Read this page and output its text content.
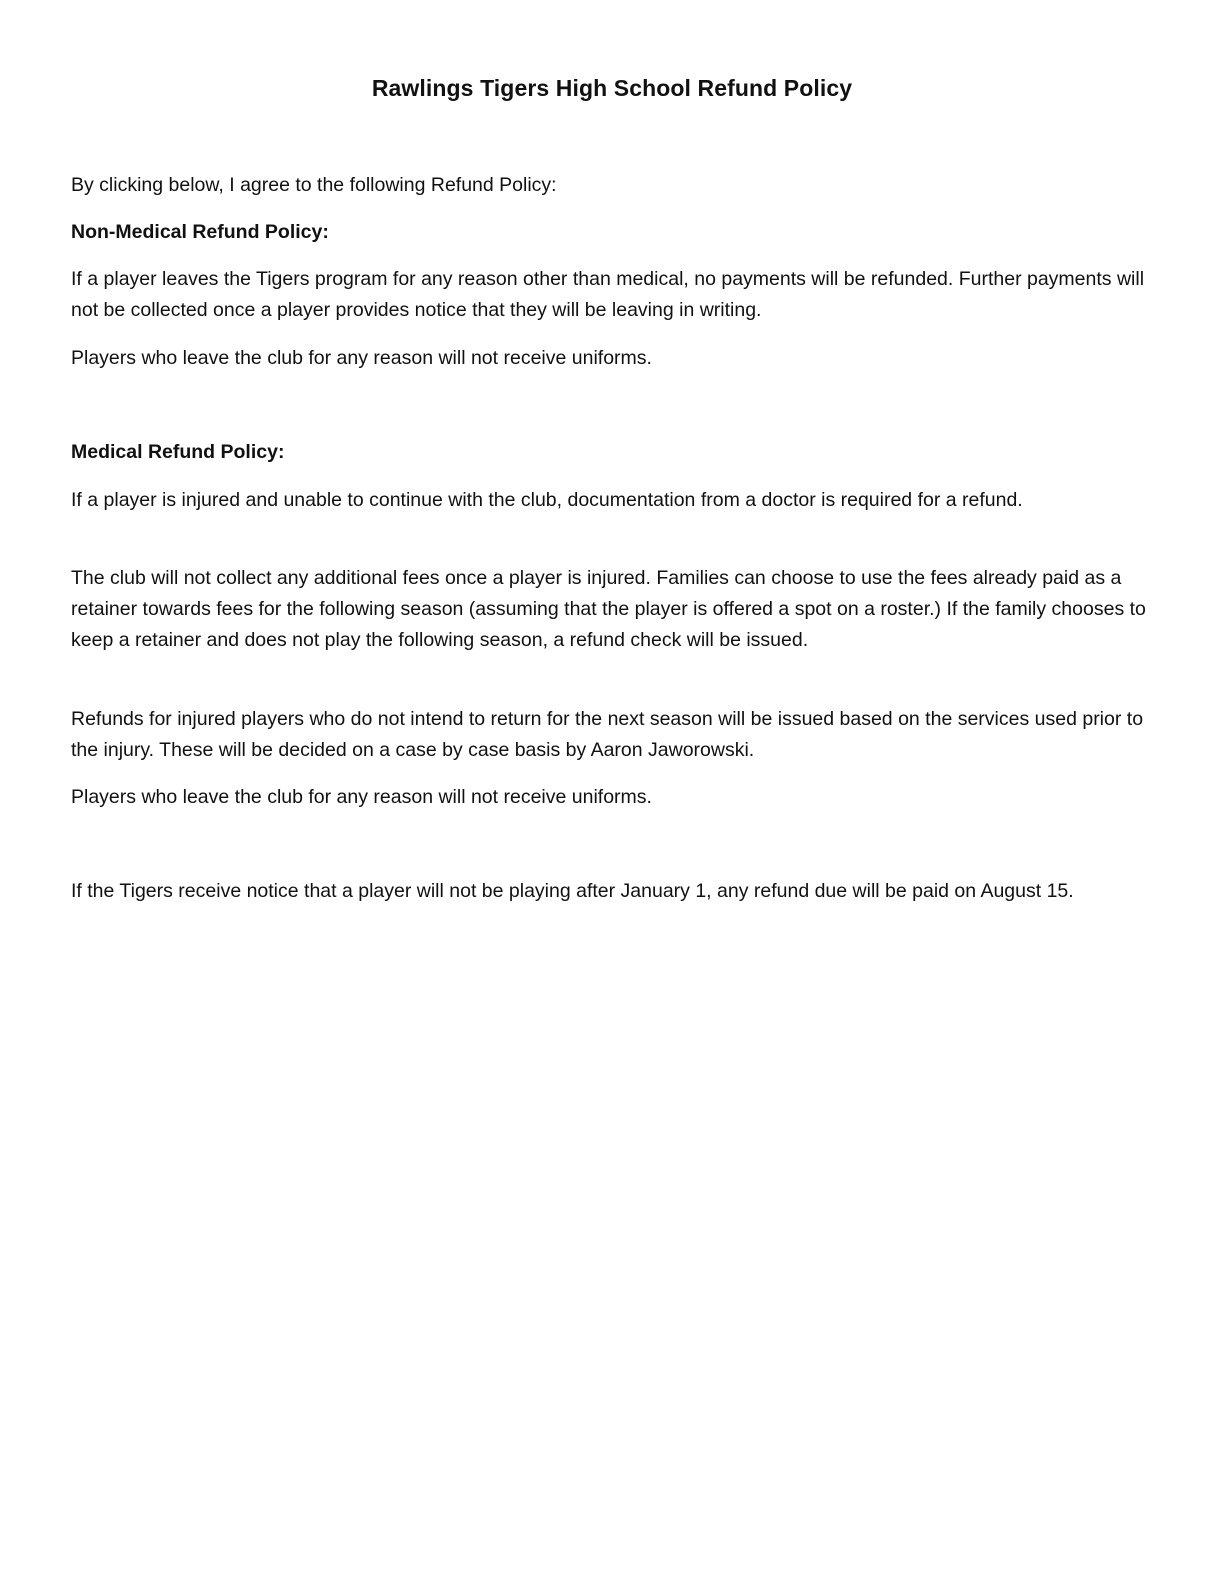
Rawlings Tigers High School Refund Policy

By clicking below, I agree to the following Refund Policy:

Non-Medical Refund Policy:

If a player leaves the Tigers program for any reason other than medical, no payments will be refunded. Further payments will not be collected once a player provides notice that they will be leaving in writing.

Players who leave the club for any reason will not receive uniforms.

Medical Refund Policy:

If a player is injured and unable to continue with the club, documentation from a doctor is required for a refund.

The club will not collect any additional fees once a player is injured. Families can choose to use the fees already paid as a retainer towards fees for the following season (assuming that the player is offered a spot on a roster.) If the family chooses to keep a retainer and does not play the following season, a refund check will be issued.

Refunds for injured players who do not intend to return for the next season will be issued based on the services used prior to the injury. These will be decided on a case by case basis by Aaron Jaworowski.

Players who leave the club for any reason will not receive uniforms.

If the Tigers receive notice that a player will not be playing after January 1, any refund due will be paid on August 15.
